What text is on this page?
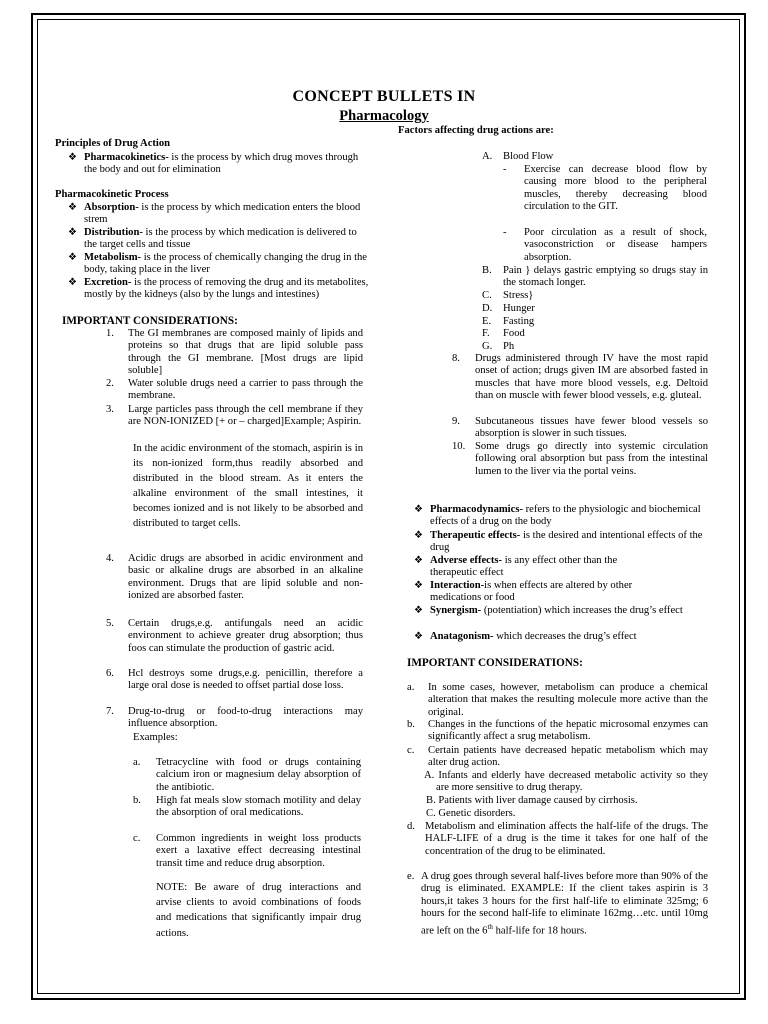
CONCEPT BULLETS IN
Pharmacology
Principles of Drug Action
❖ Pharmacokinetics- is the process by which drug moves through the body and out for elimination
Pharmacokinetic Process
❖ Absorption- is the process by which medication enters the blood strem
❖ Distribution- is the process by which medication is delivered to the target cells and tissue
❖ Metabolism- is the process of chemically changing the drug in the body, taking place in the liver
❖ Excretion- is the process of removing the drug and its metabolites, mostly by the kidneys (also by the lungs and intestines)
IMPORTANT CONSIDERATIONS:
1. The GI membranes are composed mainly of lipids and proteins so that drugs that are lipid soluble pass through the GI membrane. [Most drugs are lipid soluble]
2. Water soluble drugs need a carrier to pass through the membrane.
3. Large particles pass through the cell membrane if they are NON-IONIZED [+ or – charged]Example; Aspirin.
In the acidic environment of the stomach, aspirin is in its non-ionized form,thus readily absorbed and distributed in the blood stream. As it enters the alkaline environment of the small intestines, it becomes ionized and is not likely to be absorbed and distributed to target cells.
4. Acidic drugs are absorbed in acidic environment and basic or alkaline drugs are absorbed in an alkaline environment. Drugs that are lipid soluble and non-ionized are absorbed faster.
5. Certain drugs,e.g. antifungals need an acidic environment to achieve greater drug absorption; thus foos can stimulate the production of gastric acid.
6. Hcl destroys some drugs,e.g. penicillin, therefore a large oral dose is needed to offset partial dose loss.
7. Drug-to-drug or food-to-drug interactions may influence absorption.
Examples:
a. Tetracycline with food or drugs containing calcium iron or magnesium delay absorption of the antibiotic.
b. High fat meals slow stomach motility and delay the absorption of oral medications.
c. Common ingredients in weight loss products exert a laxative effect decreasing intestinal transit time and reduce drug absorption.
NOTE: Be aware of drug interactions and arvise clients to avoid combinations of foods and medications that significantly impair drug actions.
Factors affecting drug actions are:
A. Blood Flow
- Exercise can decrease blood flow by causing more blood to the peripheral muscles, thereby decreasing blood circulation to the GIT.
- Poor circulation as a result of shock, vasoconstriction or disease hampers absorption.
B. Pain } delays gastric emptying so drugs stay in the stomach longer.
C. Stress}
D. Hunger
E. Fasting
F. Food
G. Ph
8. Drugs administered through IV have the most rapid onset of action; drugs given IM are absorbed fasted in muscles that have more blood vessels, e.g. Deltoid than on muscle with fewer blood vessels, e.g. gluteal.
9. Subcutaneous tissues have fewer blood vessels so absorption is slower in such tissues.
10. Some drugs go directly into systemic circulation following oral absorption but pass from the intestinal lumen to the liver via the portal veins.
❖ Pharmacodynamics- refers to the physiologic and biochemical effects of a drug on the body
❖ Therapeutic effects- is the desired and intentional effects of the drug
❖ Adverse effects- is any effect other than the therapeutic effect
❖ Interaction-is when effects are altered by other medications or food
❖ Synergism- (potentiation) which increases the drug’s effect
❖ Anatagonism- which decreases the drug’s effect
IMPORTANT CONSIDERATIONS:
a. In some cases, however, metabolism can produce a chemical alteration that makes the resulting molecule more active than the original.
b. Changes in the functions of the hepatic microsomal enzymes can significantly affect a srug metabolism.
c. Certain patients have decreased hepatic metabolism which may alter drug action.
A. Infants and elderly have decreased metabolic activity so they are more sensitive to drug therapy.
B. Patients with liver damage caused by cirrhosis.
C. Genetic disorders.
d. Metabolism and elimination affects the half-life of the drugs. The HALF-LIFE of a drug is the time it takes for one half of the concentration of the drug to be eliminated.
e. A drug goes through several half-lives before more than 90% of the drug is eliminated. EXAMPLE: If the client takes aspirin is 3 hours,it takes 3 hours for the first half-life to eliminate 325mg; 6 hours for the second half-life to eliminate 162mg…etc. until 10mg are left on the 6th half-life for 18 hours.
